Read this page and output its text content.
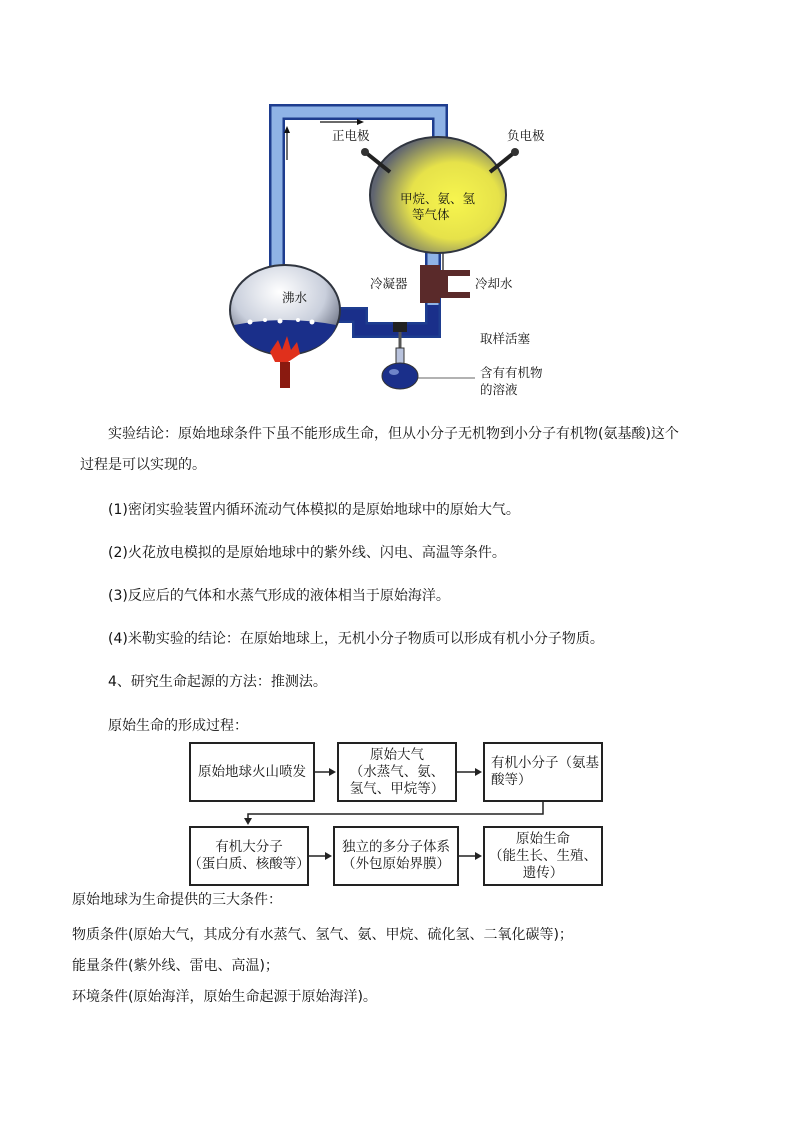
正电极	负电极
甲烷、氨、氢
等气体
冷凝器	冷却水
沸水
取样活塞
含有有机物
的溶液
实验结论：原始地球条件下虽不能形成生命，但从小分子无机物到小分子有机物(氨基酸)这个
过程是可以实现的。
(1)密闭实验装置内循环流动气体模拟的是原始地球中的原始大气。
(2)火花放电模拟的是原始地球中的紫外线、闪电、高温等条件。
(3)反应后的气体和水蒸气形成的液体相当于原始海洋。
(4)米勒实验的结论：在原始地球上，无机小分子物质可以形成有机小分子物质。
4、研究生命起源的方法：推测法。
原始生命的形成过程：
原始地球火山喷发
原始大气
（水蒸气、氨、
氢气、甲烷等）
有机小分子（氨基
酸等）
有机大分子
（蛋白质、核酸等）
独立的多分子体系
（外包原始界膜）
原始生命
（能生长、生殖、
遗传）
原始地球为生命提供的三大条件：
物质条件(原始大气，其成分有水蒸气、氢气、氨、甲烷、硫化氢、二氧化碳等)；
能量条件(紫外线、雷电、高温)；
环境条件(原始海洋，原始生命起源于原始海洋)。
